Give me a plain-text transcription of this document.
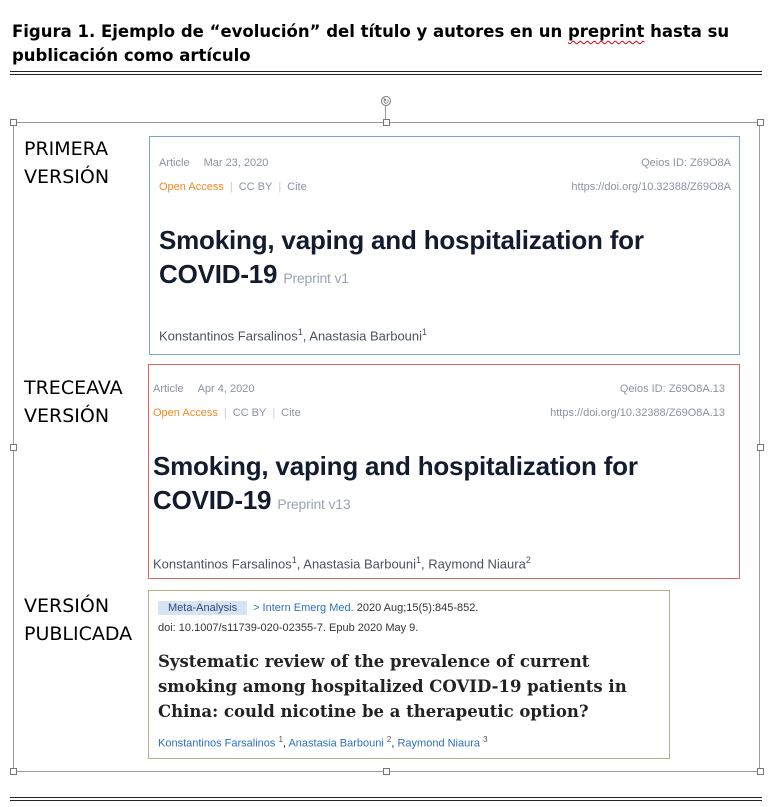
Figura 1. Ejemplo de “evolución” del título y autores en un preprint hasta su publicación como artículo
↻
PRIMERA
VERSIÓN
TRECEAVA
VERSIÓN
VERSIÓN
PUBLICADA
Article Mar 23, 2020	Qeios ID: Z69O8A
Open Access | CC BY | Cite	https://doi.org/10.32388/Z69O8A
Smoking, vaping and hospitalization for
COVID-19 Preprint v1
Konstantinos Farsalinos$^1$, Anastasia Barbouni$^1$
Article Apr 4, 2020	Qeios ID: Z69O8A.13
Open Access | CC BY | Cite	https://doi.org/10.32388/Z69O8A.13
Smoking, vaping and hospitalization for
COVID-19 Preprint v13
Konstantinos Farsalinos$^1$, Anastasia Barbouni$^1$, Raymond Niaura$^2$
Meta-Analysis > Intern Emerg Med. 2020 Aug;15(5):845-852.
doi: 10.1007/s11739-020-02355-7. Epub 2020 May 9.
Systematic review of the prevalence of current
smoking among hospitalized COVID-19 patients in
China: could nicotine be a therapeutic option?
Konstantinos Farsalinos $^1$, Anastasia Barbouni $^2$, Raymond Niaura $^3$
